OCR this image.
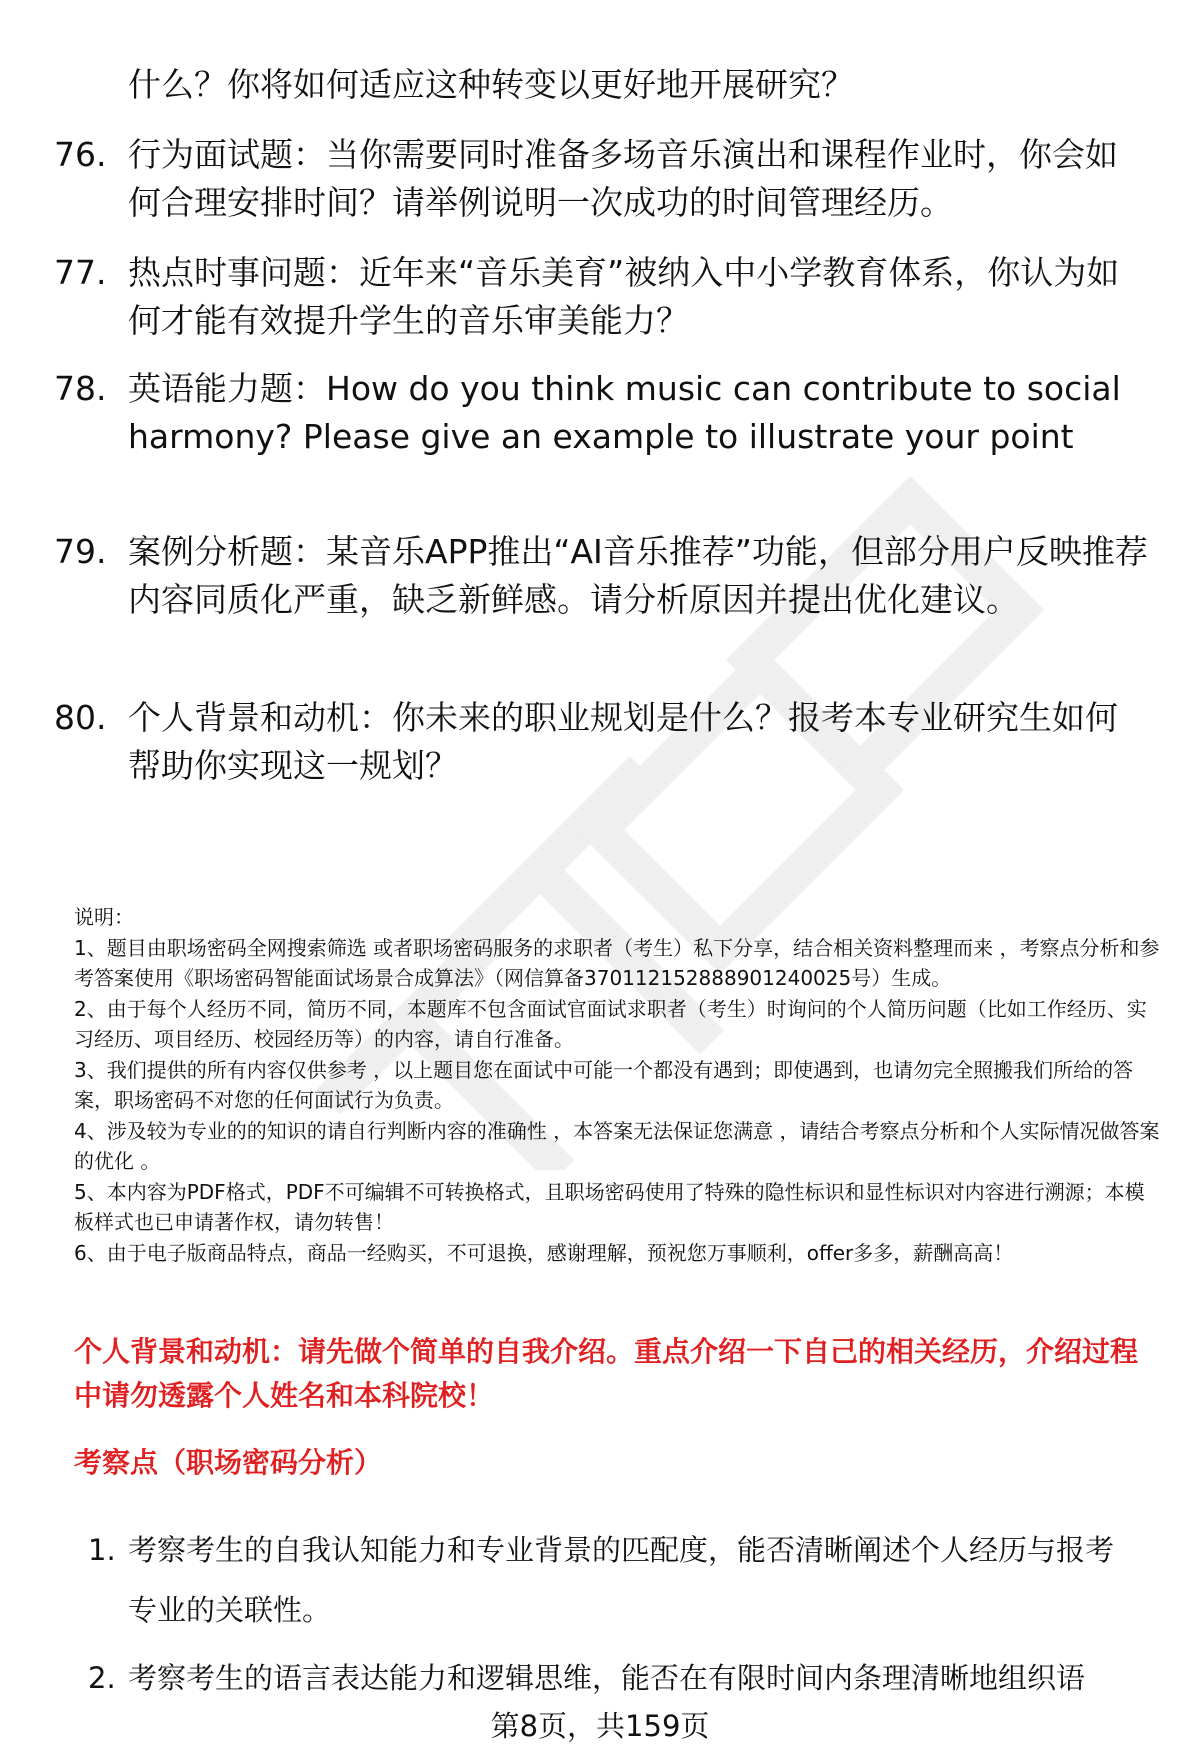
什么？你将如何适应这种转变以更好地开展研究？
76. 行为面试题：当你需要同时准备多场音乐演出和课程作业时，你会如何合理安排时间？请举例说明一次成功的时间管理经历。
77. 热点时事问题：近年来“音乐美育”被纳入中小学教育体系，你认为如何才能有效提升学生的音乐审美能力？
78. 英语能力题：How do you think music can contribute to social harmony? Please give an example to illustrate your point
79. 案例分析题：某音乐APP推出“AI音乐推荐”功能，但部分用户反映推荐内容同质化严重，缺乏新鲜感。请分析原因并提出优化建议。
80. 个人背景和动机：你未来的职业规划是什么？报考本专业研究生如何帮助你实现这一规划？
说明：
1、题目由职场密码全网搜索筛选 或者职场密码服务的求职者（考生）私下分享，结合相关资料整理而来 ，考察点分析和参考答案使用《职场密码智能面试场景合成算法》（网信算备370112152888901240025号）生成。
2、由于每个人经历不同，简历不同，本题库不包含面试官面试求职者（考生）时询问的个人简历问题（比如工作经历、实习经历、项目经历、校园经历等）的内容，请自行准备。
3、我们提供的所有内容仅供参考 ，以上题目您在面试中可能一个都没有遇到；即使遇到，也请勿完全照搬我们所给的答案，职场密码不对您的任何面试行为负责。
4、涉及较为专业的的知识的请自行判断内容的准确性 ，本答案无法保证您满意 ，请结合考察点分析和个人实际情况做答案的优化 。
5、本内容为PDF格式，PDF不可编辑不可转换格式，且职场密码使用了特殊的隐性标识和显性标识对内容进行溯源；本模板样式也已申请著作权，请勿转售！
6、由于电子版商品特点，商品一经购买，不可退换，感谢理解，预祝您万事顺利，offer多多，薪酬高高！
个人背景和动机：请先做个简单的自我介绍。重点介绍一下自己的相关经历，介绍过程中请勿透露个人姓名和本科院校！
考察点（职场密码分析）
1. 考察考生的自我认知能力和专业背景的匹配度，能否清晰阐述个人经历与报考专业的关联性。
2. 考察考生的语言表达能力和逻辑思维，能否在有限时间内条理清晰地组织语
第8页，共159页
